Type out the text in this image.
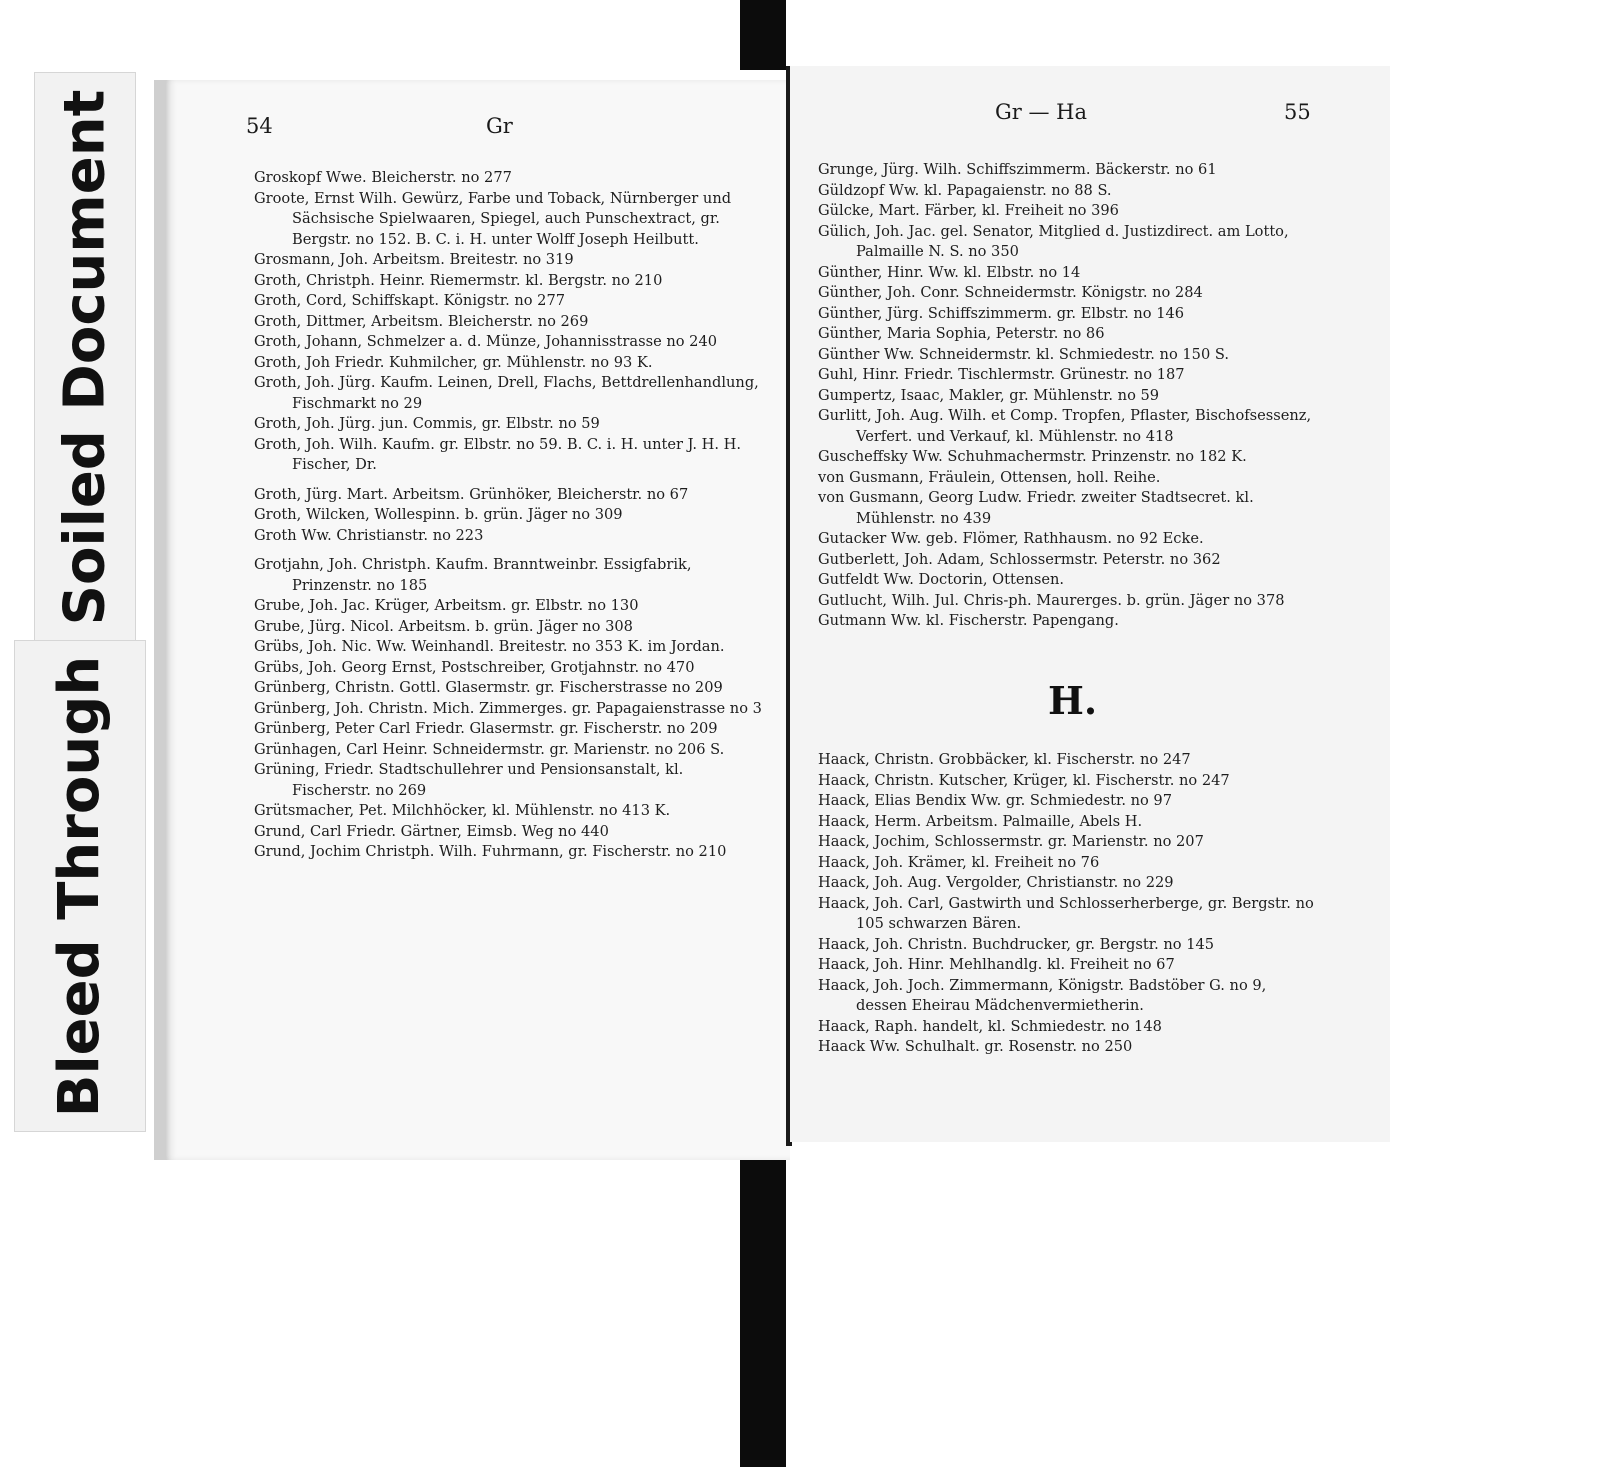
Soiled Document
Bleed Through
54	Gr
Groskopf Wwe. Bleicherstr. no 277
Groote, Ernst Wilh. Gewürz, Farbe und Toback, Nürnberger und Sächsische Spielwaaren, Spiegel, auch Punschextract, gr. Bergstr. no 152. B. C. i. H. unter Wolff Joseph Heilbutt.
Grosmann, Joh. Arbeitsm. Breitestr. no 319
Groth, Christph. Heinr. Riemermstr. kl. Bergstr. no 210
Groth, Cord, Schiffskapt. Königstr. no 277
Groth, Dittmer, Arbeitsm. Bleicherstr. no 269
Groth, Johann, Schmelzer a. d. Münze, Johannisstrasse no 240
Groth, Joh Friedr. Kuhmilcher, gr. Mühlenstr. no 93 K.
Groth, Joh. Jürg. Kaufm. Leinen, Drell, Flachs, Bettdrellenhandlung, Fischmarkt no 29
Groth, Joh. Jürg. jun. Commis, gr. Elbstr. no 59
Groth, Joh. Wilh. Kaufm. gr. Elbstr. no 59. B. C. i. H. unter J. H. H. Fischer, Dr.
Groth, Jürg. Mart. Arbeitsm. Grünhöker, Bleicherstr. no 67
Groth, Wilcken, Wollespinn. b. grün. Jäger no 309
Groth Ww. Christianstr. no 223
Grotjahn, Joh. Christph. Kaufm. Branntweinbr. Essigfabrik, Prinzenstr. no 185
Grube, Joh. Jac. Krüger, Arbeitsm. gr. Elbstr. no 130
Grube, Jürg. Nicol. Arbeitsm. b. grün. Jäger no 308
Grübs, Joh. Nic. Ww. Weinhandl. Breitestr. no 353 K. im Jordan.
Grübs, Joh. Georg Ernst, Postschreiber, Grotjahnstr. no 470
Grünberg, Christn. Gottl. Glasermstr. gr. Fischerstrasse no 209
Grünberg, Joh. Christn. Mich. Zimmerges. gr. Papagaienstrasse no 3
Grünberg, Peter Carl Friedr. Glasermstr. gr. Fischerstr. no 209
Grünhagen, Carl Heinr. Schneidermstr. gr. Marienstr. no 206 S.
Grüning, Friedr. Stadtschullehrer und Pensionsanstalt, kl. Fischerstr. no 269
Grütsmacher, Pet. Milchhöcker, kl. Mühlenstr. no 413 K.
Grund, Carl Friedr. Gärtner, Eimsb. Weg no 440
Grund, Jochim Christph. Wilh. Fuhrmann, gr. Fischerstr. no 210
Gr — Ha	55
Grunge, Jürg. Wilh. Schiffszimmerm. Bäckerstr. no 61
Güldzopf Ww. kl. Papagaienstr. no 88 S.
Gülcke, Mart. Färber, kl. Freiheit no 396
Gülich, Joh. Jac. gel. Senator, Mitglied d. Justizdirect. am Lotto, Palmaille N. S. no 350
Günther, Hinr. Ww. kl. Elbstr. no 14
Günther, Joh. Conr. Schneidermstr. Königstr. no 284
Günther, Jürg. Schiffszimmerm. gr. Elbstr. no 146
Günther, Maria Sophia, Peterstr. no 86
Günther Ww. Schneidermstr. kl. Schmiedestr. no 150 S.
Guhl, Hinr. Friedr. Tischlermstr. Grünestr. no 187
Gumpertz, Isaac, Makler, gr. Mühlenstr. no 59
Gurlitt, Joh. Aug. Wilh. et Comp. Tropfen, Pflaster, Bischofsessenz, Verfert. und Verkauf, kl. Mühlenstr. no 418
Guscheffsky Ww. Schuhmachermstr. Prinzenstr. no 182 K.
von Gusmann, Fräulein, Ottensen, holl. Reihe.
von Gusmann, Georg Ludw. Friedr. zweiter Stadtsecret. kl. Mühlenstr. no 439
Gutacker Ww. geb. Flömer, Rathhausm. no 92 Ecke.
Gutberlett, Joh. Adam, Schlossermstr. Peterstr. no 362
Gutfeldt Ww. Doctorin, Ottensen.
Gutlucht, Wilh. Jul. Chris-ph. Maurerges. b. grün. Jäger no 378
Gutmann Ww. kl. Fischerstr. Papengang.
H.
Haack, Christn. Grobbäcker, kl. Fischerstr. no 247
Haack, Christn. Kutscher, Krüger, kl. Fischerstr. no 247
Haack, Elias Bendix Ww. gr. Schmiedestr. no 97
Haack, Herm. Arbeitsm. Palmaille, Abels H.
Haack, Jochim, Schlossermstr. gr. Marienstr. no 207
Haack, Joh. Krämer, kl. Freiheit no 76
Haack, Joh. Aug. Vergolder, Christianstr. no 229
Haack, Joh. Carl, Gastwirth und Schlosserherberge, gr. Bergstr. no 105 schwarzen Bären.
Haack, Joh. Christn. Buchdrucker, gr. Bergstr. no 145
Haack, Joh. Hinr. Mehlhandlg. kl. Freiheit no 67
Haack, Joh. Joch. Zimmermann, Königstr. Badstöber G. no 9, dessen Eheirau Mädchenvermietherin.
Haack, Raph. handelt, kl. Schmiedestr. no 148
Haack Ww. Schulhalt. gr. Rosenstr. no 250
